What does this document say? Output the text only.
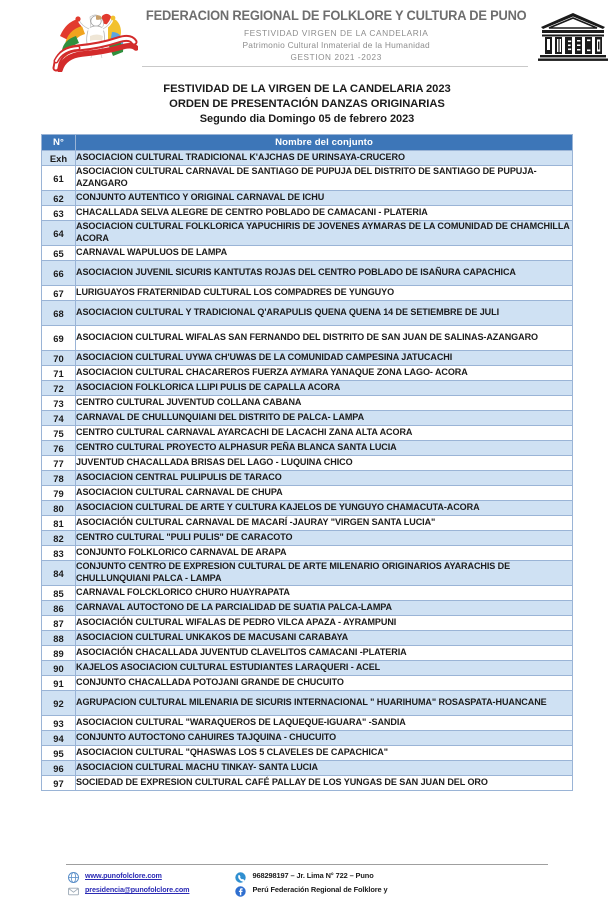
FEDERACION REGIONAL DE FOLKLORE Y CULTURA DE PUNO
FESTIVIDAD VIRGEN DE LA CANDELARIA
Patrimonio Cultural Inmaterial de la Humanidad
GESTION 2021 -2023
FESTIVIDAD DE LA VIRGEN DE LA CANDELARIA 2023
ORDEN DE PRESENTACIÓN DANZAS ORIGINARIAS
Segundo dia Domingo 05 de febrero 2023
N°	Nombre del conjunto
Exh	ASOCIACION CULTURAL TRADICIONAL K'AJCHAS DE URINSAYA-CRUCERO
61	ASOCIACION CULTURAL CARNAVAL DE SANTIAGO DE PUPUJA DEL DISTRITO DE SANTIAGO DE PUPUJA-AZANGARO
62	CONJUNTO AUTENTICO Y ORIGINAL CARNAVAL DE ICHU
63	CHACALLADA SELVA ALEGRE DE CENTRO POBLADO DE CAMACANI - PLATERIA
64	ASOCIACION CULTURAL FOLKLORICA YAPUCHIRIS DE JOVENES AYMARAS DE LA COMUNIDAD DE CHAMCHILLA ACORA
65	CARNAVAL WAPULUOS DE LAMPA
66	ASOCIACION JUVENIL SICURIS KANTUTAS ROJAS DEL CENTRO POBLADO DE ISAÑURA CAPACHICA
67	LURIGUAYOS FRATERNIDAD CULTURAL LOS COMPADRES DE YUNGUYO
68	ASOCIACION CULTURAL Y TRADICIONAL Q'ARAPULIS QUENA QUENA 14 DE SETIEMBRE DE JULI
69	ASOCIACION CULTURAL WIFALAS SAN FERNANDO DEL DISTRITO DE SAN JUAN DE SALINAS-AZANGARO
70	ASOCIACION CULTURAL UYWA CH'UWAS DE LA COMUNIDAD CAMPESINA JATUCACHI
71	ASOCIACION CULTURAL CHACAREROS FUERZA AYMARA YANAQUE ZONA LAGO- ACORA
72	ASOCIACION FOLKLORICA LLIPI PULIS DE CAPALLA ACORA
73	CENTRO CULTURAL JUVENTUD COLLANA CABANA
74	CARNAVAL DE CHULLUNQUIANI DEL DISTRITO DE PALCA- LAMPA
75	CENTRO CULTURAL CARNAVAL AYARCACHI DE LACACHI ZANA ALTA ACORA
76	CENTRO CULTURAL PROYECTO ALPHASUR PEÑA BLANCA SANTA LUCIA
77	JUVENTUD CHACALLADA BRISAS DEL LAGO - LUQUINA CHICO
78	ASOCIACION CENTRAL PULIPULIS DE TARACO
79	ASOCIACION CULTURAL CARNAVAL DE CHUPA
80	ASOCIACION CULTURAL DE ARTE Y CULTURA KAJELOS DE YUNGUYO CHAMACUTA-ACORA
81	ASOCIACIÓN CULTURAL CARNAVAL DE MACARÍ -JAURAY "VIRGEN SANTA LUCIA"
82	CENTRO CULTURAL "PULI PULIS" DE CARACOTO
83	CONJUNTO FOLKLORICO CARNAVAL DE ARAPA
84	CONJUNTO CENTRO DE EXPRESION CULTURAL DE ARTE MILENARIO ORIGINARIOS AYARACHIS DE CHULLUNQUIANI PALCA - LAMPA
85	CARNAVAL FOLCKLORICO CHURO HUAYRAPATA
86	CARNAVAL AUTOCTONO DE LA PARCIALIDAD DE SUATIA PALCA-LAMPA
87	ASOCIACIÓN CULTURAL WIFALAS DE PEDRO VILCA APAZA - AYRAMPUNI
88	ASOCIACION CULTURAL UNKAKOS DE MACUSANI CARABAYA
89	ASOCIACIÓN CHACALLADA JUVENTUD CLAVELITOS CAMACANI -PLATERIA
90	KAJELOS ASOCIACION CULTURAL ESTUDIANTES LARAQUERI - ACEL
91	CONJUNTO CHACALLADA POTOJANI GRANDE DE CHUCUITO
92	AGRUPACION CULTURAL MILENARIA DE SICURIS INTERNACIONAL " HUARIHUMA" ROSASPATA-HUANCANE
93	ASOCIACION CULTURAL "WARAQUEROS DE LAQUEQUE-IGUARA" -SANDIA
94	CONJUNTO AUTOCTONO CAHUIRES TAJQUINA - CHUCUITO
95	ASOCIACION CULTURAL "QHASWAS LOS 5 CLAVELES DE CAPACHICA"
96	ASOCIACION CULTURAL MACHU TINKAY- SANTA LUCIA
97	SOCIEDAD DE EXPRESION CULTURAL CAFÉ PALLAY DE LOS YUNGAS DE SAN JUAN DEL ORO
www.punofolclore.com
presidencia@punofolclore.com
968298197 – Jr. Lima N° 722 – Puno
Perú Federación Regional de Folklore y
